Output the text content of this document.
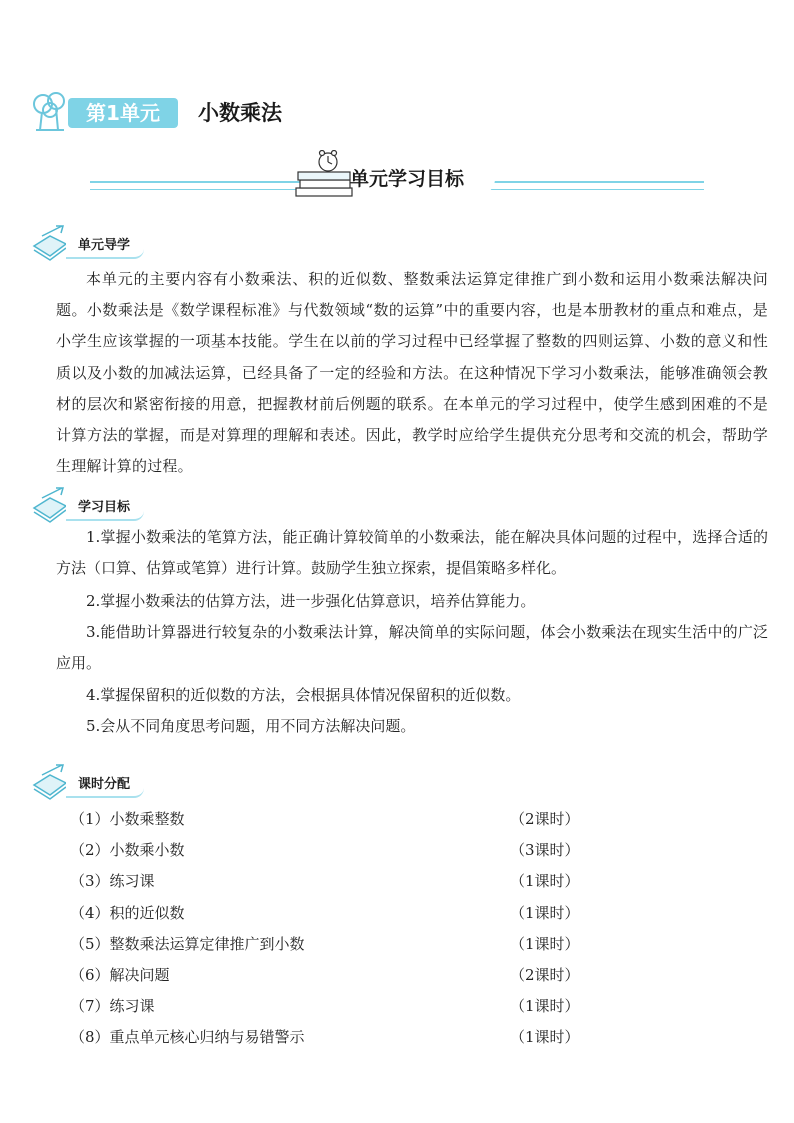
第1单元	小数乘法
单元学习目标
单元导学
本单元的主要内容有小数乘法、积的近似数、整数乘法运算定律推广到小数和运用小数乘法解决问题。小数乘法是《数学课程标准》与代数领域“数的运算”中的重要内容，也是本册教材的重点和难点，是小学生应该掌握的一项基本技能。学生在以前的学习过程中已经掌握了整数的四则运算、小数的意义和性质以及小数的加减法运算，已经具备了一定的经验和方法。在这种情况下学习小数乘法，能够准确领会教材的层次和紧密衔接的用意，把握教材前后例题的联系。在本单元的学习过程中，使学生感到困难的不是计算方法的掌握，而是对算理的理解和表述。因此，教学时应给学生提供充分思考和交流的机会，帮助学生理解计算的过程。
学习目标
1.掌握小数乘法的笔算方法，能正确计算较简单的小数乘法，能在解决具体问题的过程中，选择合适的方法（口算、估算或笔算）进行计算。鼓励学生独立探索，提倡策略多样化。
2.掌握小数乘法的估算方法，进一步强化估算意识，培养估算能力。
3.能借助计算器进行较复杂的小数乘法计算，解决简单的实际问题，体会小数乘法在现实生活中的广泛应用。
4.掌握保留积的近似数的方法，会根据具体情况保留积的近似数。
5.会从不同角度思考问题，用不同方法解决问题。
课时分配
（1）小数乘整数	（2课时）
（2）小数乘小数	（3课时）
（3）练习课	（1课时）
（4）积的近似数	（1课时）
（5）整数乘法运算定律推广到小数	（1课时）
（6）解决问题	（2课时）
（7）练习课	（1课时）
（8）重点单元核心归纳与易错警示	（1课时）
